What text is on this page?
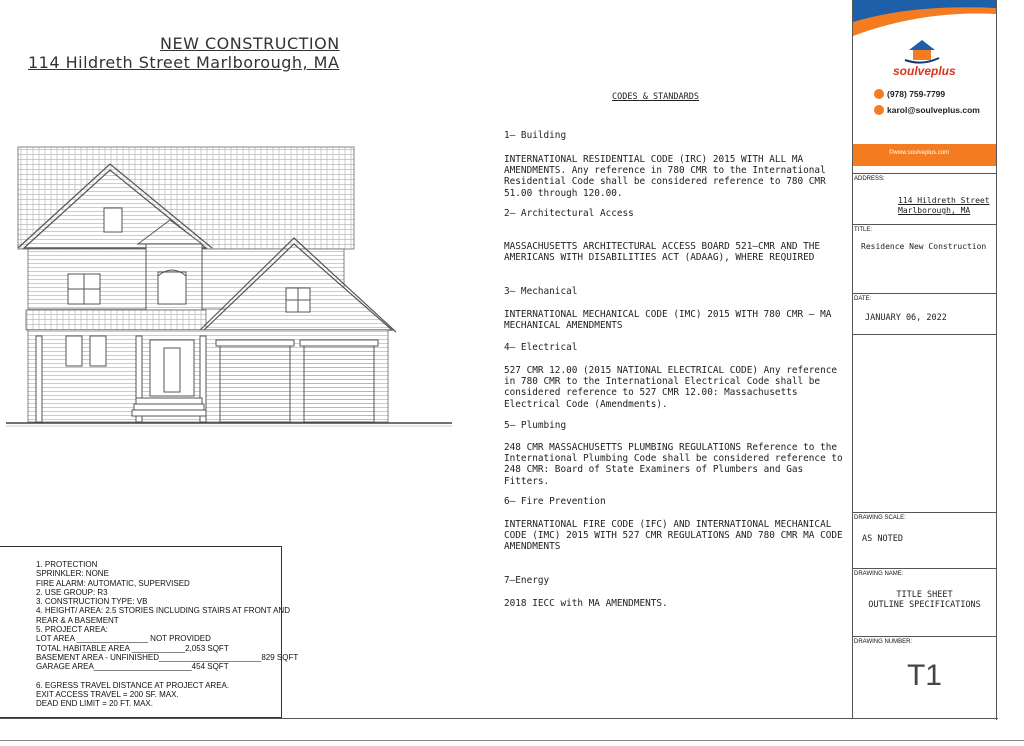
NEW CONSTRUCTION
114 Hildreth Street Marlborough, MA
CODES & STANDARDS
1— Building
INTERNATIONAL RESIDENTIAL CODE (IRC) 2015 WITH ALL MA AMENDMENTS. Any reference in 780 CMR to the International Residential Code shall be considered reference to 780 CMR 51.00 through 120.00.
2— Architectural Access
MASSACHUSETTS ARCHITECTURAL ACCESS BOARD 521—CMR AND THE AMERICANS WITH DISABILITIES ACT (ADAAG), WHERE REQUIRED
3— Mechanical
INTERNATIONAL MECHANICAL CODE (IMC) 2015 WITH 780 CMR — MA MECHANICAL AMENDMENTS
4— Electrical
527 CMR 12.00 (2015 NATIONAL ELECTRICAL CODE) Any reference in 780 CMR to the International Electrical Code shall be considered reference to 527 CMR 12.00: Massachusetts Electrical Code (Amendments).
5— Plumbing
248 CMR MASSACHUSETTS PLUMBING REGULATIONS Reference to the International Plumbing Code shall be considered reference to 248 CMR: Board of State Examiners of Plumbers and Gas Fitters.
6— Fire Prevention
INTERNATIONAL FIRE CODE (IFC) AND INTERNATIONAL MECHANICAL CODE (IMC) 2015 WITH 527 CMR REGULATIONS AND 780 CMR MA CODE AMENDMENTS
7—Energy
2018 IECC with MA AMENDMENTS.
1. PROTECTION
SPRINKLER: NONE
FIRE ALARM: AUTOMATIC, SUPERVISED
2. USE GROUP: R3
3. CONSTRUCTION TYPE: VB
4. HEIGHT/ AREA: 2.5 STORIES INCLUDING STAIRS AT FRONT AND
REAR & A BASEMENT
5. PROJECT AREA:
LOT AREA ________________ NOT PROVIDED
TOTAL HABITABLE AREA ____________2,053 SQFT
BASEMENT AREA - UNFINISHED_______________________829 SQFT
GARAGE AREA______________________454 SQFT
6. EGRESS TRAVEL DISTANCE AT PROJECT AREA.
EXIT ACCESS TRAVEL = 200 SF. MAX.
DEAD END LIMIT = 20 FT. MAX.
soulveplus
(978) 759-7799
karol@soulveplus.com
©www.soulveplus.com
ADDRESS:
114 Hildreth Street
Marlborough, MA
TITLE:
Residence New Construction
DATE:
JANUARY 06, 2022
DRAWING SCALE:
AS NOTED
DRAWING NAME:
TITLE SHEET
OUTLINE SPECIFICATIONS
DRAWING NUMBER:
T1
